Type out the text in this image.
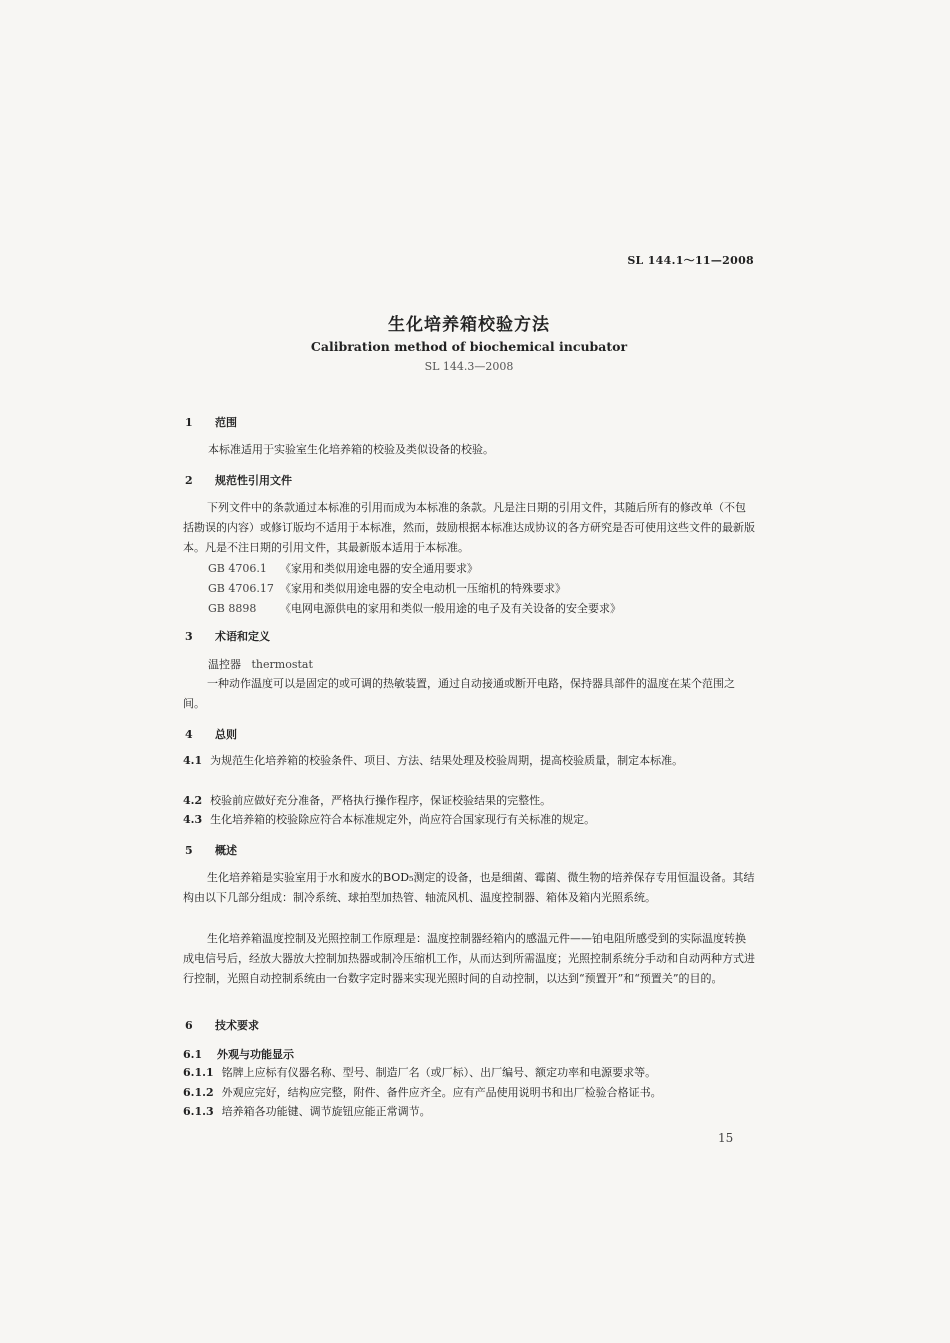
SL 144.1～11—2008
生化培养箱校验方法
Calibration method of biochemical incubator
SL 144.3—2008
1 范围
本标准适用于实验室生化培养箱的校验及类似设备的校验。
2 规范性引用文件
下列文件中的条款通过本标准的引用而成为本标准的条款。凡是注日期的引用文件，其随后所有的修改单（不包括勘误的内容）或修订版均不适用于本标准，然而，鼓励根据本标准达成协议的各方研究是否可使用这些文件的最新版本。凡是不注日期的引用文件，其最新版本适用于本标准。
GB 4706.1 《家用和类似用途电器的安全通用要求》
GB 4706.17 《家用和类似用途电器的安全电动机一压缩机的特殊要求》
GB 8898 《电网电源供电的家用和类似一般用途的电子及有关设备的安全要求》
3 术语和定义
温控器 thermostat
一种动作温度可以是固定的或可调的热敏装置，通过自动接通或断开电路，保持器具部件的温度在某个范围之间。
4 总则
4.1 为规范生化培养箱的校验条件、项目、方法、结果处理及校验周期，提高校验质量，制定本标准。
4.2 校验前应做好充分准备，严格执行操作程序，保证校验结果的完整性。
4.3 生化培养箱的校验除应符合本标准规定外，尚应符合国家现行有关标准的规定。
5 概述
生化培养箱是实验室用于水和废水的BOD₅测定的设备，也是细菌、霉菌、微生物的培养保存专用恒温设备。其结构由以下几部分组成：制冷系统、球拍型加热管、轴流风机、温度控制器、箱体及箱内光照系统。
生化培养箱温度控制及光照控制工作原理是：温度控制器经箱内的感温元件——铂电阻所感受到的实际温度转换成电信号后，经放大器放大控制加热器或制冷压缩机工作，从而达到所需温度；光照控制系统分手动和自动两种方式进行控制，光照自动控制系统由一台数字定时器来实现光照时间的自动控制，以达到“预置开”和“预置关”的目的。
6 技术要求
6.1 外观与功能显示
6.1.1 铭牌上应标有仪器名称、型号、制造厂名（或厂标）、出厂编号、额定功率和电源要求等。
6.1.2 外观应完好，结构应完整，附件、备件应齐全。应有产品使用说明书和出厂检验合格证书。
6.1.3 培养箱各功能键、调节旋钮应能正常调节。
15
